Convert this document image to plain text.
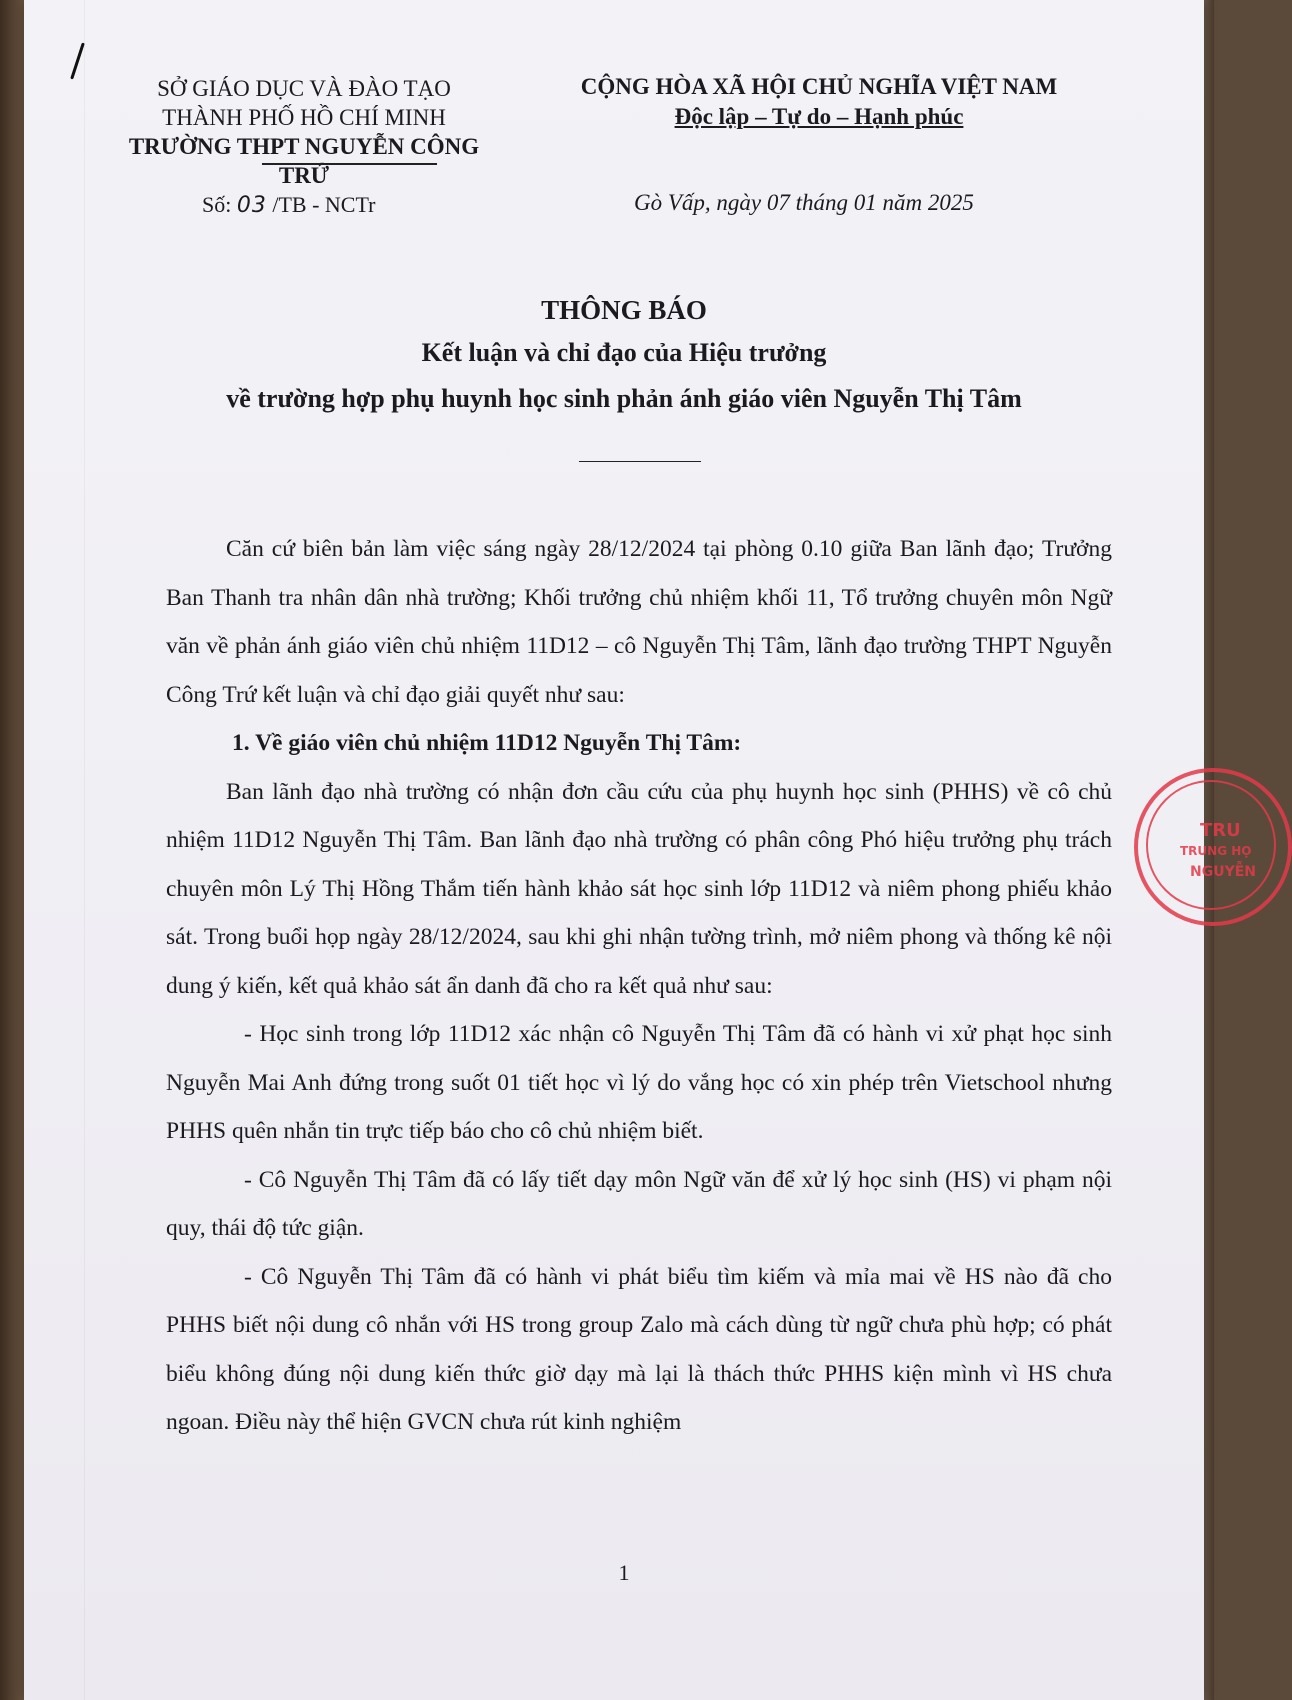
SỞ GIÁO DỤC VÀ ĐÀO TẠO
THÀNH PHỐ HỒ CHÍ MINH
TRƯỜNG THPT NGUYỄN CÔNG TRỨ
CỘNG HÒA XÃ HỘI CHỦ NGHĨA VIỆT NAM
Độc lập – Tự do – Hạnh phúc
Số: 03 /TB - NCTr	Gò Vấp, ngày 07 tháng 01 năm 2025
THÔNG BÁO
Kết luận và chỉ đạo của Hiệu trưởng
về trường hợp phụ huynh học sinh phản ánh giáo viên Nguyễn Thị Tâm

Căn cứ biên bản làm việc sáng ngày 28/12/2024 tại phòng 0.10 giữa Ban lãnh đạo; Trưởng Ban Thanh tra nhân dân nhà trường; Khối trưởng chủ nhiệm khối 11, Tổ trưởng chuyên môn Ngữ văn về phản ánh giáo viên chủ nhiệm 11D12 – cô Nguyễn Thị Tâm, lãnh đạo trường THPT Nguyễn Công Trứ kết luận và chỉ đạo giải quyết như sau:

1. Về giáo viên chủ nhiệm 11D12 Nguyễn Thị Tâm:

Ban lãnh đạo nhà trường có nhận đơn cầu cứu của phụ huynh học sinh (PHHS) về cô chủ nhiệm 11D12 Nguyễn Thị Tâm. Ban lãnh đạo nhà trường có phân công Phó hiệu trưởng phụ trách chuyên môn Lý Thị Hồng Thắm tiến hành khảo sát học sinh lớp 11D12 và niêm phong phiếu khảo sát. Trong buổi họp ngày 28/12/2024, sau khi ghi nhận tường trình, mở niêm phong và thống kê nội dung ý kiến, kết quả khảo sát ẩn danh đã cho ra kết quả như sau:

- Học sinh trong lớp 11D12 xác nhận cô Nguyễn Thị Tâm đã có hành vi xử phạt học sinh Nguyễn Mai Anh đứng trong suốt 01 tiết học vì lý do vắng học có xin phép trên Vietschool nhưng PHHS quên nhắn tin trực tiếp báo cho cô chủ nhiệm biết.

- Cô Nguyễn Thị Tâm đã có lấy tiết dạy môn Ngữ văn để xử lý học sinh (HS) vi phạm nội quy, thái độ tức giận.

- Cô Nguyễn Thị Tâm đã có hành vi phát biểu tìm kiếm và mỉa mai về HS nào đã cho PHHS biết nội dung cô nhắn với HS trong group Zalo mà cách dùng từ ngữ chưa phù hợp; có phát biểu không đúng nội dung kiến thức giờ dạy mà lại là thách thức PHHS kiện mình vì HS chưa ngoan. Điều này thể hiện GVCN chưa rút kinh nghiệm

1
TRU
TRUNG HỌ
NGUYỄN
